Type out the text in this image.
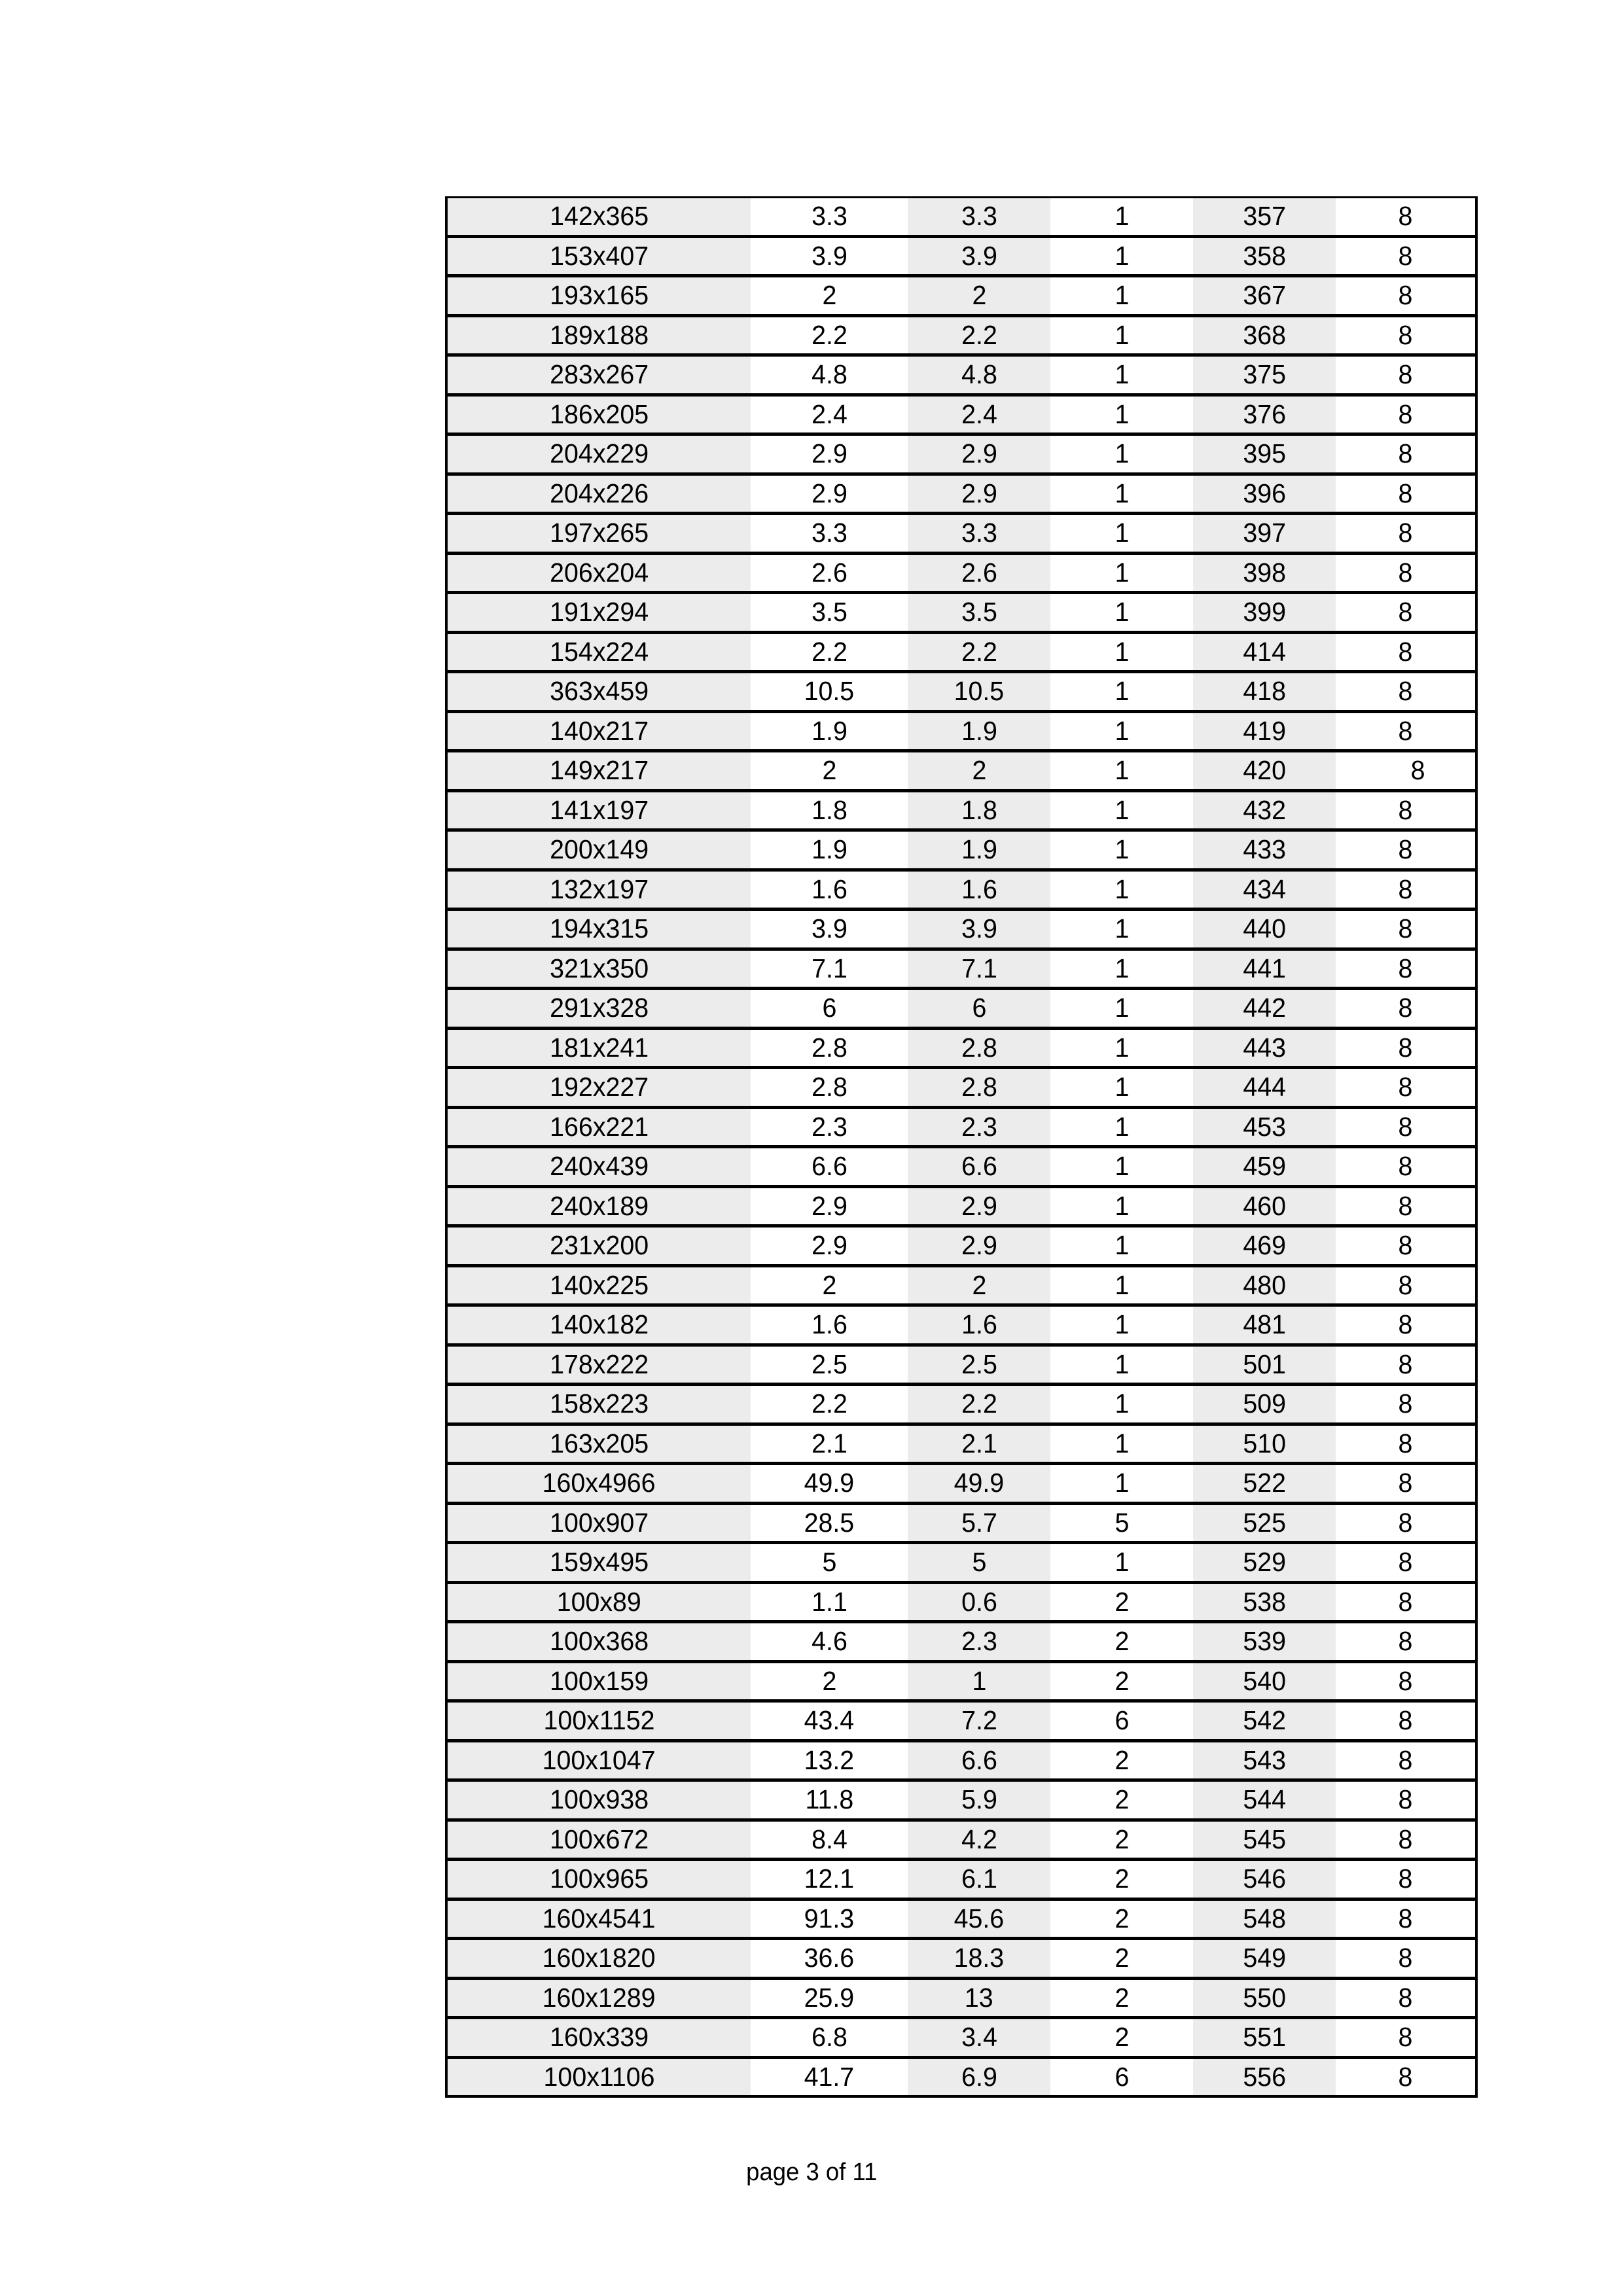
142x365	3.3	3.3	1	357	8
153x407	3.9	3.9	1	358	8
193x165	2	2	1	367	8
189x188	2.2	2.2	1	368	8
283x267	4.8	4.8	1	375	8
186x205	2.4	2.4	1	376	8
204x229	2.9	2.9	1	395	8
204x226	2.9	2.9	1	396	8
197x265	3.3	3.3	1	397	8
206x204	2.6	2.6	1	398	8
191x294	3.5	3.5	1	399	8
154x224	2.2	2.2	1	414	8
363x459	10.5	10.5	1	418	8
140x217	1.9	1.9	1	419	8
149x217	2	2	1	420	8
141x197	1.8	1.8	1	432	8
200x149	1.9	1.9	1	433	8
132x197	1.6	1.6	1	434	8
194x315	3.9	3.9	1	440	8
321x350	7.1	7.1	1	441	8
291x328	6	6	1	442	8
181x241	2.8	2.8	1	443	8
192x227	2.8	2.8	1	444	8
166x221	2.3	2.3	1	453	8
240x439	6.6	6.6	1	459	8
240x189	2.9	2.9	1	460	8
231x200	2.9	2.9	1	469	8
140x225	2	2	1	480	8
140x182	1.6	1.6	1	481	8
178x222	2.5	2.5	1	501	8
158x223	2.2	2.2	1	509	8
163x205	2.1	2.1	1	510	8
160x4966	49.9	49.9	1	522	8
100x907	28.5	5.7	5	525	8
159x495	5	5	1	529	8
100x89	1.1	0.6	2	538	8
100x368	4.6	2.3	2	539	8
100x159	2	1	2	540	8
100x1152	43.4	7.2	6	542	8
100x1047	13.2	6.6	2	543	8
100x938	11.8	5.9	2	544	8
100x672	8.4	4.2	2	545	8
100x965	12.1	6.1	2	546	8
160x4541	91.3	45.6	2	548	8
160x1820	36.6	18.3	2	549	8
160x1289	25.9	13	2	550	8
160x339	6.8	3.4	2	551	8
100x1106	41.7	6.9	6	556	8
page 3 of 11
